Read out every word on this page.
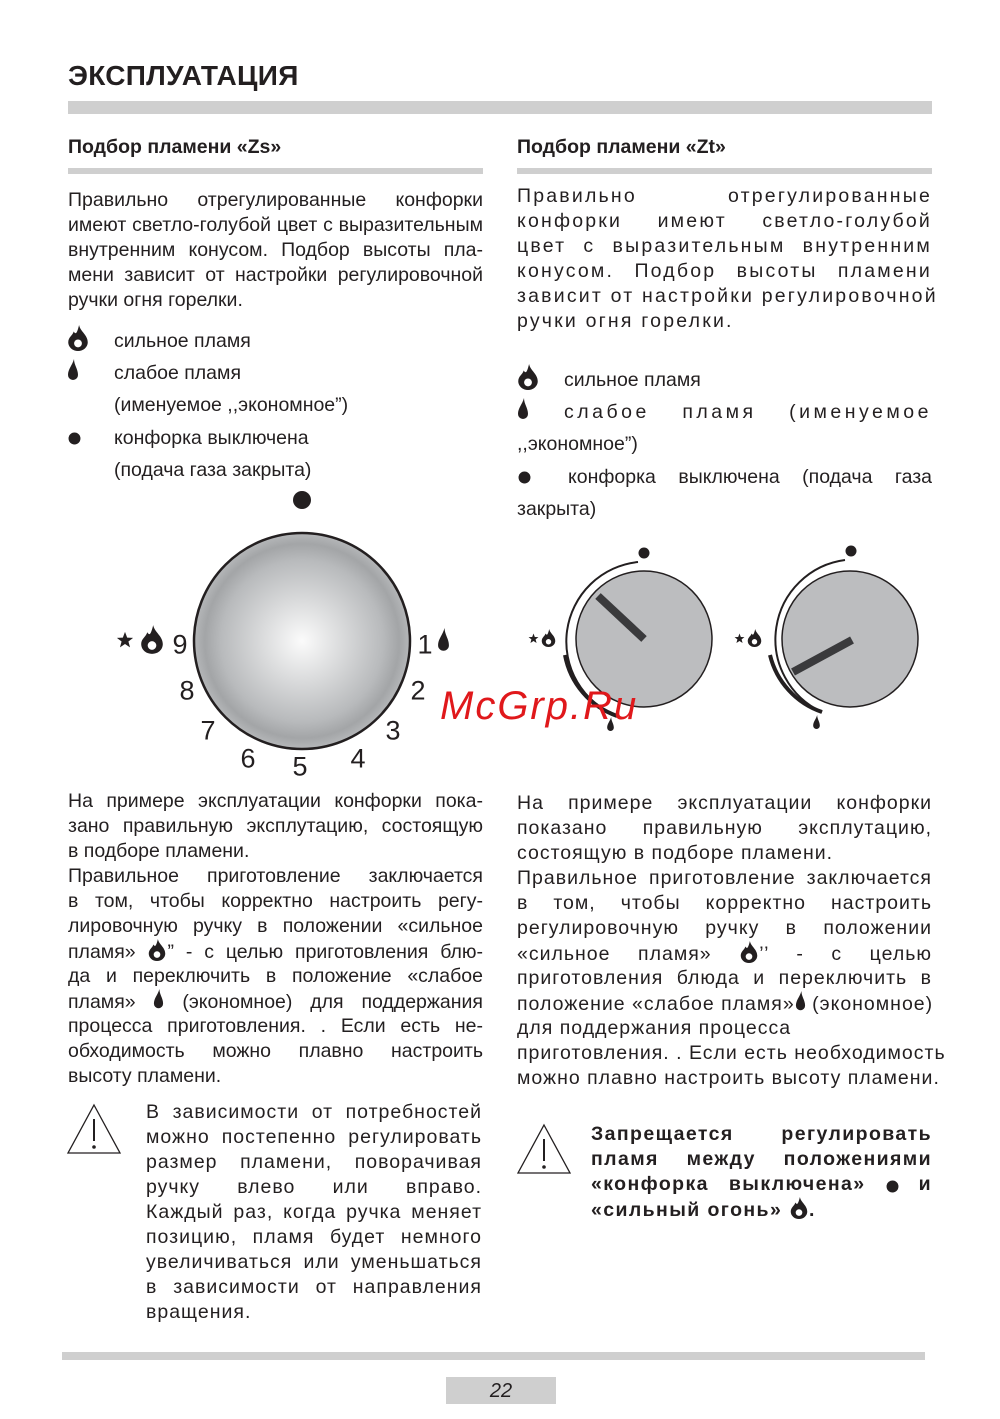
ЭКСПЛУАТАЦИЯ
Подбор пламени «Zs»
Правильно отрегулированные конфорки
имеют светло-голубой цвет с выразительным
внутренним конусом. Подбор высоты пла-
мени зависит от настройки регулировочной
ручки огня горелки.
сильное пламя
слабое пламя
(именуемое ,,экономное”)
конфорка выключена
(подача газа закрыта)
1
2
3
4
5
6
7
8
9
На примере эксплуатации конфорки пока-
зано правильную эксплутацию, состоящую
в подборе пламени.
Правильное приготовление заключается
в том, чтобы корректно настроить регу-
лировочную ручку в положении «сильное
пламя» ” - с целью приготовления блю-
да и переключить в положение «слабое
пламя»  (экономное) для поддержания
процесса приготовления. . Если есть не-
обходимость можно плавно настроить
высоту пламени.
В зависимости от потребностей
можно постепенно регулировать
размер пламени, поворачивая
ручку влево или вправо.
Каждый раз, когда ручка меняет
позицию, пламя будет немного
увеличиваться или уменьшаться
в зависимости от направления
вращения.
Подбор пламени «Zt»
Правильно отрегулированные
конфорки имеют светло-голубой
цвет с выразительным внутренним
конусом. Подбор высоты пламени
зависит от настройки регулировочной
ручки огня горелки.
сильное пламя
слабое пламя (именуемое
,,экономное”)
конфорка выключена (подача газа
закрыта)
На примере эксплуатации конфорки
показано правильную эксплутацию,
состоящую в подборе пламени.
Правильное приготовление заключается
в том, чтобы корректно настроить
регулировочную ручку в положении
«сильное пламя» ’’ - с целью
приготовления блюда и переключить в
положение «слабое пламя» (экономное)
для поддержания процесса
приготовления. . Если есть необходимость
можно плавно настроить высоту пламени.
Запрещается регулировать
пламя между положениями
«конфорка выключена»  и
«сильный огонь» .
McGrp.Ru
22
